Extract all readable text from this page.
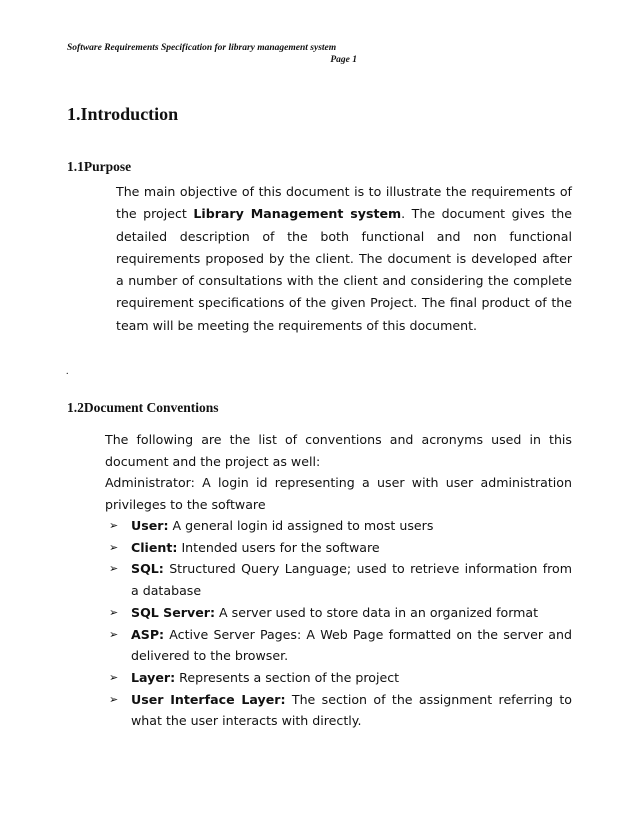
Software Requirements Specification for library management system
Page 1
1.Introduction
1.1Purpose
The main objective of this document is to illustrate the requirements of the project Library Management system. The document gives the detailed description of the both functional and non functional requirements proposed by the client. The document is developed after a number of consultations with the client and considering the complete requirement specifications of the given Project. The final product of the team will be meeting the requirements of this document.
.
1.2Document Conventions
The following are the list of conventions and acronyms used in this document and the project as well:
Administrator: A login id representing a user with user administration privileges to the software
➢	User: A general login id assigned to most users
➢	Client: Intended users for the software
➢	SQL: Structured Query Language; used to retrieve information from a database
➢	SQL Server: A server used to store data in an organized format
➢	ASP: Active Server Pages: A Web Page formatted on the server and delivered to the browser.
➢	Layer: Represents a section of the project
➢	User Interface Layer: The section of the assignment referring to what the user interacts with directly.
